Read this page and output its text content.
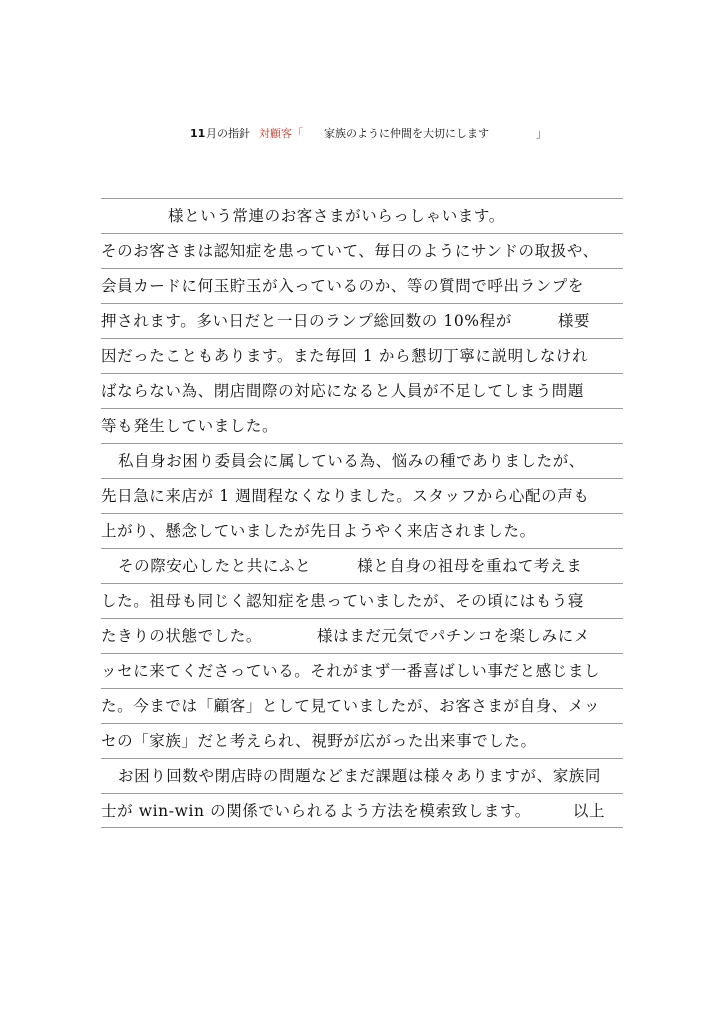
11 月の指針 対顧客「 家族のように仲間を大切にします	」
様という常連のお客さまがいらっしゃいます。
そのお客さまは認知症を患っていて、毎日のようにサンドの取扱や、
会員カードに何玉貯玉が入っているのか、等の質問で呼出ランプを
押されます。多い日だと一日のランプ総回数の 10%程が	様要
因だったこともあります。また毎回 1 から懇切丁寧に説明しなけれ
ばならない為、閉店間際の対応になると人員が不足してしまう問題
等も発生していました。
私自身お困り委員会に属している為、悩みの種でありましたが、
先日急に来店が 1 週間程なくなりました。スタッフから心配の声も
上がり、懸念していましたが先日ようやく来店されました。
その際安心したと共にふと	様と自身の祖母を重ねて考えま
した。祖母も同じく認知症を患っていましたが、その頃にはもう寝
たきりの状態でした。	様はまだ元気でパチンコを楽しみにメ
ッセに来てくださっている。それがまず一番喜ばしい事だと感じまし
た。今までは「顧客」として見ていましたが、お客さまが自身、メッ
セの「家族」だと考えられ、視野が広がった出来事でした。
お困り回数や閉店時の問題などまだ課題は様々ありますが、家族同
士が win-win の関係でいられるよう方法を模索致します。	以上
